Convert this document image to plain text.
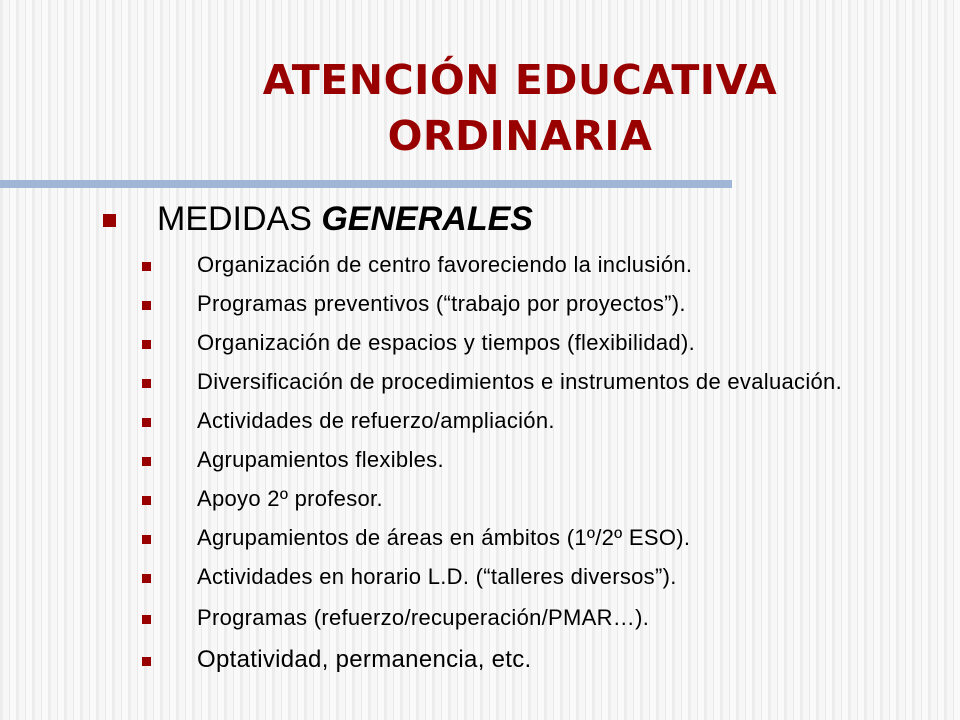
ATENCIÓN EDUCATIVA
ORDINARIA
MEDIDAS GENERALES
Organización de centro favoreciendo la inclusión.
Programas preventivos (“trabajo por proyectos”).
Organización de espacios y tiempos (flexibilidad).
Diversificación de procedimientos e instrumentos de evaluación.
Actividades de refuerzo/ampliación.
Agrupamientos flexibles.
Apoyo 2º profesor.
Agrupamientos de áreas en ámbitos (1º/2º ESO).
Actividades en horario L.D. (“talleres diversos”).
Programas (refuerzo/recuperación/PMAR…).
Optatividad, permanencia, etc.
